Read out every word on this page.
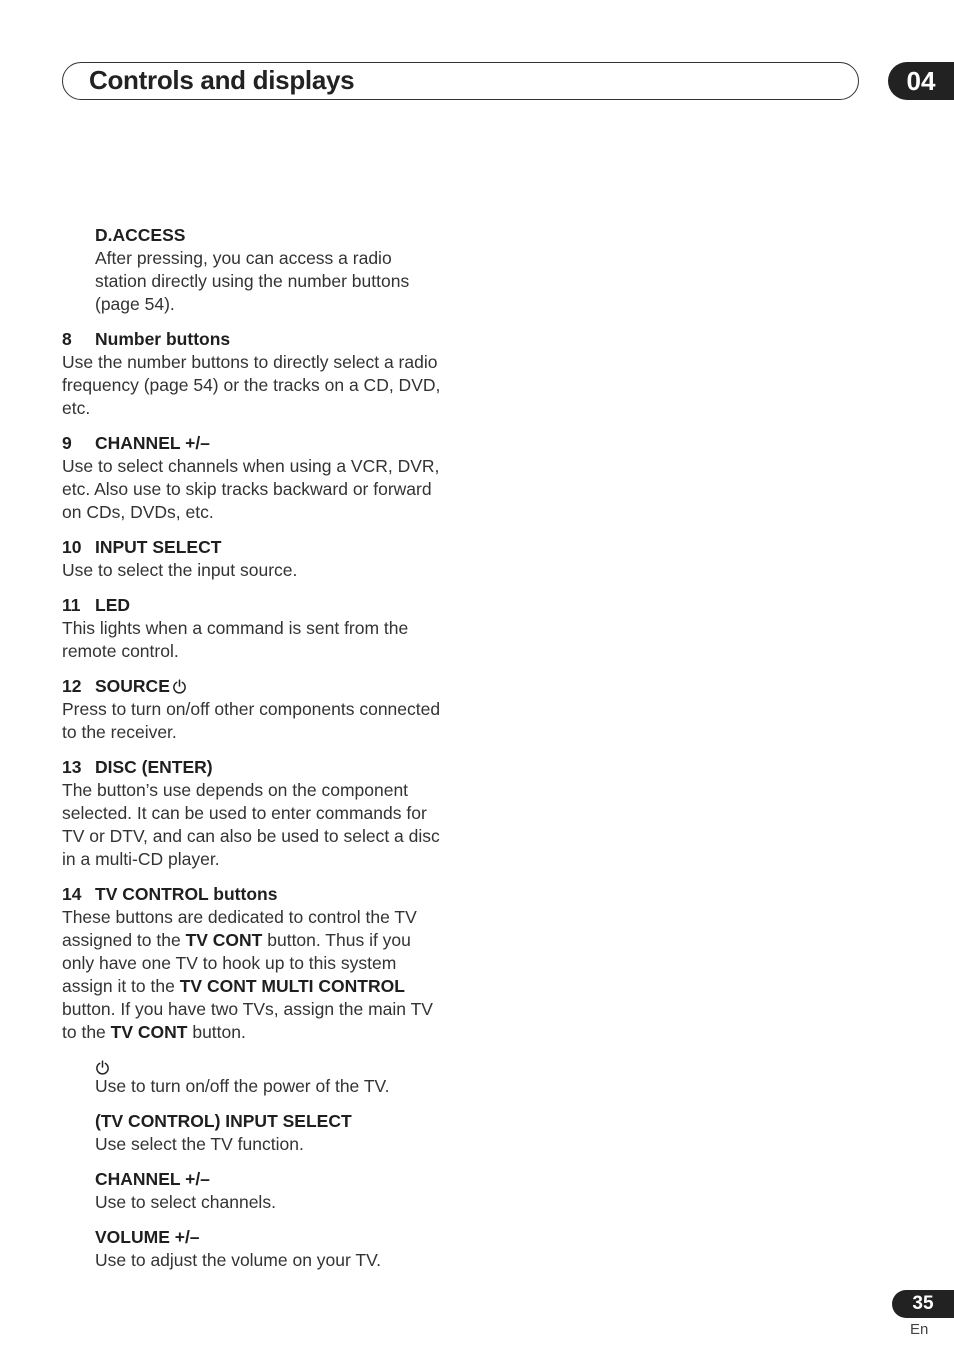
Controls and displays	04
D.ACCESS
After pressing, you can access a radio station directly using the number buttons (page 54).
8	Number buttons
Use the number buttons to directly select a radio frequency (page 54) or the tracks on a CD, DVD, etc.
9	CHANNEL +/–
Use to select channels when using a VCR, DVR, etc. Also use to skip tracks backward or forward on CDs, DVDs, etc.
10 INPUT SELECT
Use to select the input source.
11 LED
This lights when a command is sent from the remote control.
12 SOURCE
Press to turn on/off other components connected to the receiver.
13 DISC (ENTER)
The button’s use depends on the component selected. It can be used to enter commands for TV or DTV, and can also be used to select a disc in a multi-CD player.
14 TV CONTROL buttons
These buttons are dedicated to control the TV assigned to the TV CONT button. Thus if you only have one TV to hook up to this system assign it to the TV CONT MULTI CONTROL button. If you have two TVs, assign the main TV to the TV CONT button.
Use to turn on/off the power of the TV.
(TV CONTROL) INPUT SELECT
Use select the TV function.
CHANNEL +/–
Use to select channels.
VOLUME +/–
Use to adjust the volume on your TV.
35
En
